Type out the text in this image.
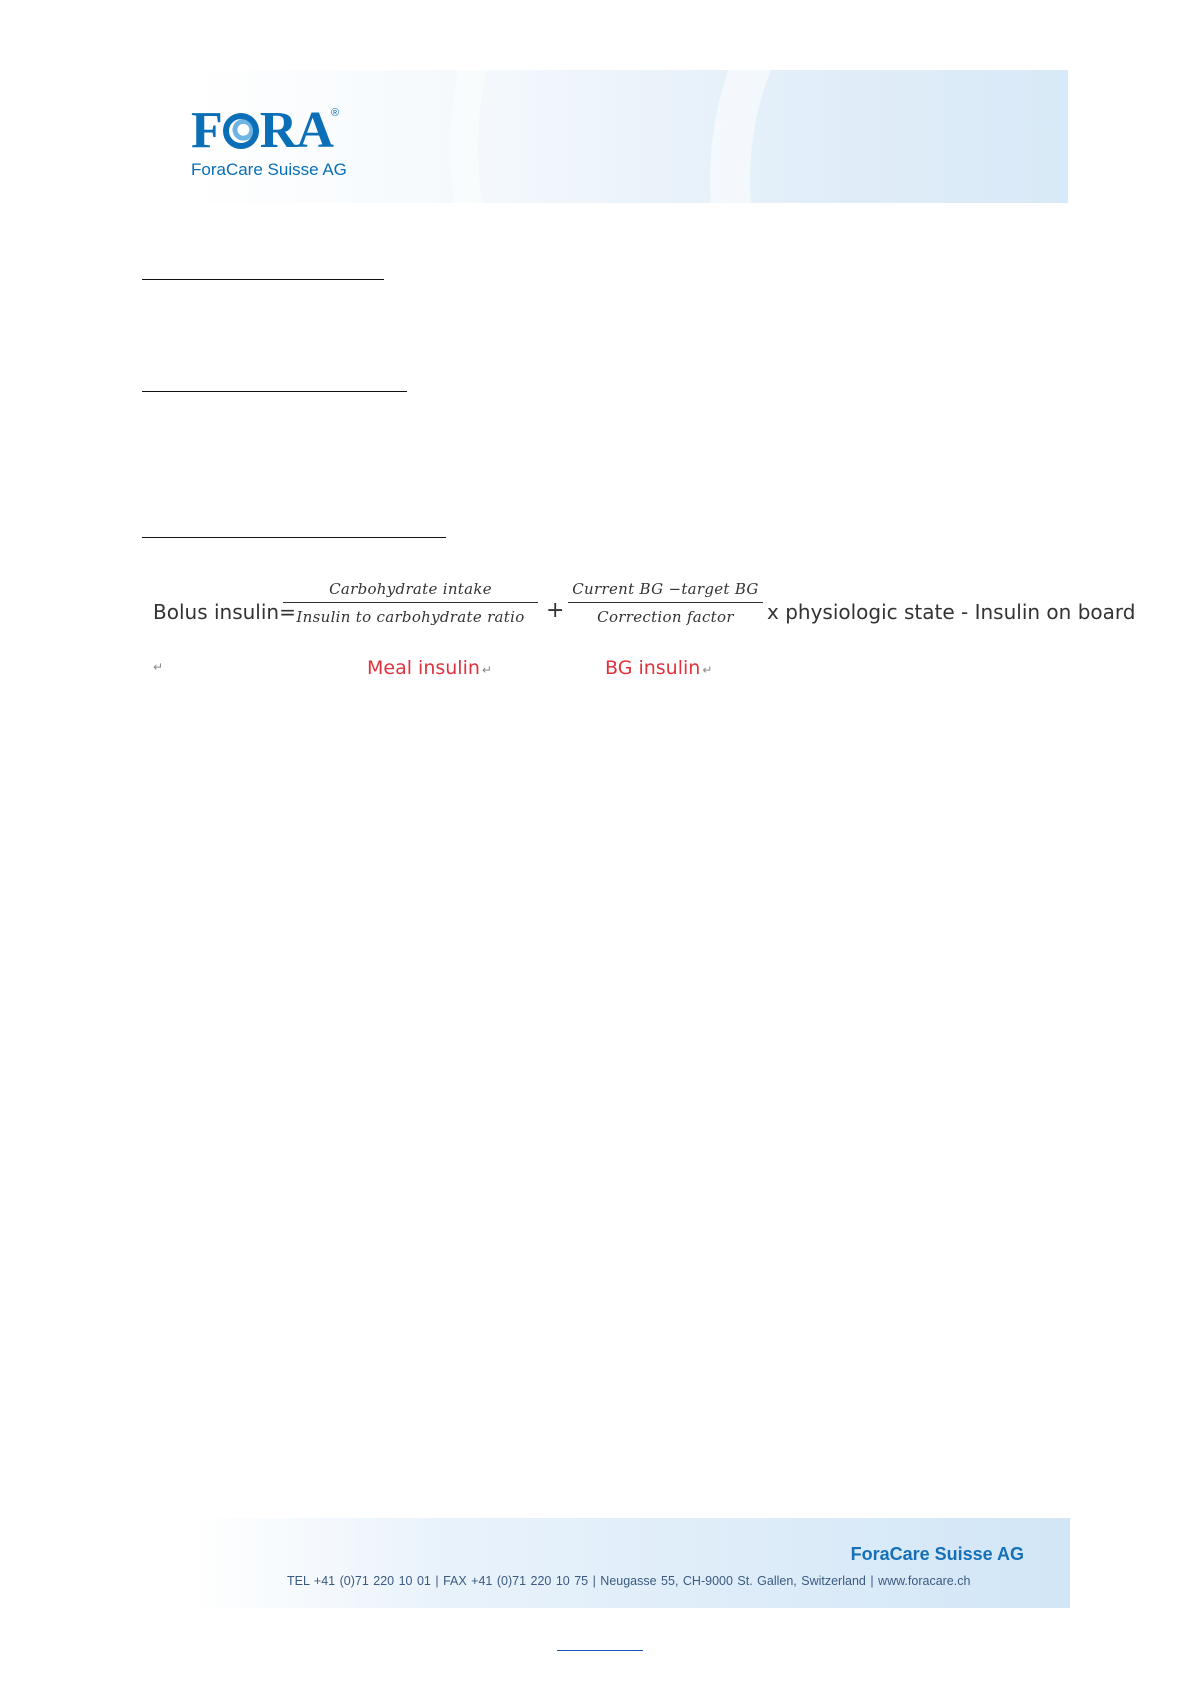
F RA
®
ForaCare Suisse AG
Bolus insulin=
Carbohydrate intake
Insulin to carbohydrate ratio +
Current BG −target BG
Correction factor	x physiologic state - Insulin on board
↵	Meal insulin ↵	BG insulin ↵
ForaCare Suisse AG
TEL +41 (0)71 220 10 01 | FAX +41 (0)71 220 10 75 | Neugasse 55, CH-9000 St. Gallen, Switzerland | www.foracare.ch
